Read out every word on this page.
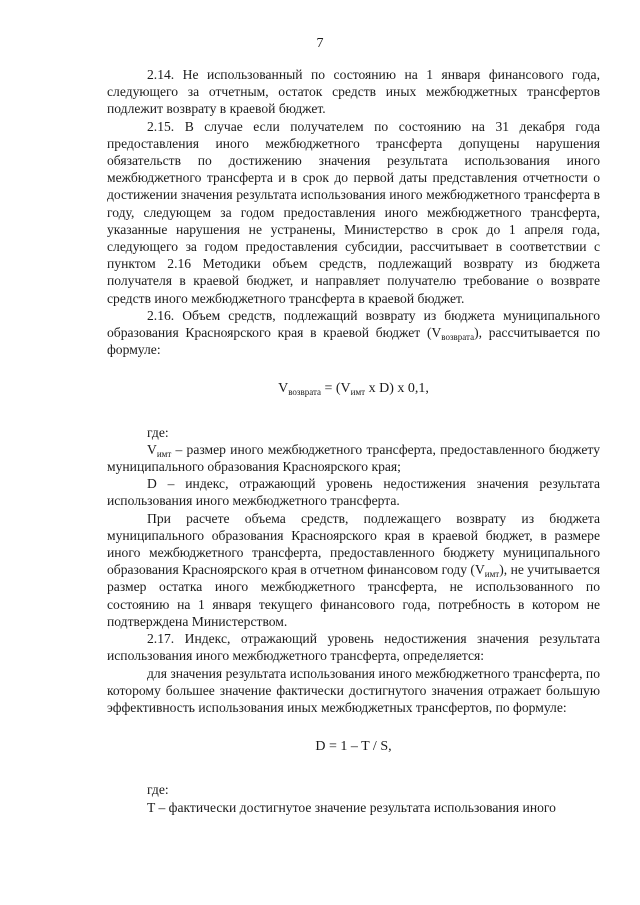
7

2.14. Не использованный по состоянию на 1 января финансового года, следующего за отчетным, остаток средств иных межбюджетных трансфертов подлежит возврату в краевой бюджет.

2.15. В случае если получателем по состоянию на 31 декабря года предоставления иного межбюджетного трансферта допущены нарушения обязательств по достижению значения результата использования иного межбюджетного трансферта и в срок до первой даты представления отчетности о достижении значения результата использования иного межбюджетного трансферта в году, следующем за годом предоставления иного межбюджетного трансферта, указанные нарушения не устранены, Министерство в срок до 1 апреля года, следующего за годом предоставления субсидии, рассчитывает в соответствии с пунктом 2.16 Методики объем средств, подлежащий возврату из бюджета получателя в краевой бюджет, и направляет получателю требование о возврате средств иного межбюджетного трансферта в краевой бюджет.

2.16. Объем средств, подлежащий возврату из бюджета муниципального образования Красноярского края в краевой бюджет $(V_{возврата})$, рассчитывается по формуле:

$V_{возврата} = (V_{имт}$ x D) x 0,1,

где:

$V_{имт}$ – размер иного межбюджетного трансферта, предоставленного бюджету муниципального образования Красноярского края;

D – индекс, отражающий уровень недостижения значения результата использования иного межбюджетного трансферта.

При расчете объема средств, подлежащего возврату из бюджета муниципального образования Красноярского края в краевой бюджет, в размере иного межбюджетного трансферта, предоставленного бюджету муниципального образования Красноярского края в отчетном финансовом году $(V_{имт})$, не учитывается размер остатка иного межбюджетного трансферта, не использованного по состоянию на 1 января текущего финансового года, потребность в котором не подтверждена Министерством.

2.17. Индекс, отражающий уровень недостижения значения результата использования иного межбюджетного трансферта, определяется:

для значения результата использования иного межбюджетного трансферта, по которому большее значение фактически достигнутого значения отражает большую эффективность использования иных межбюджетных трансфертов, по формуле:

D = 1 – T / S,

где:

T – фактически достигнутое значение результата использования иного
